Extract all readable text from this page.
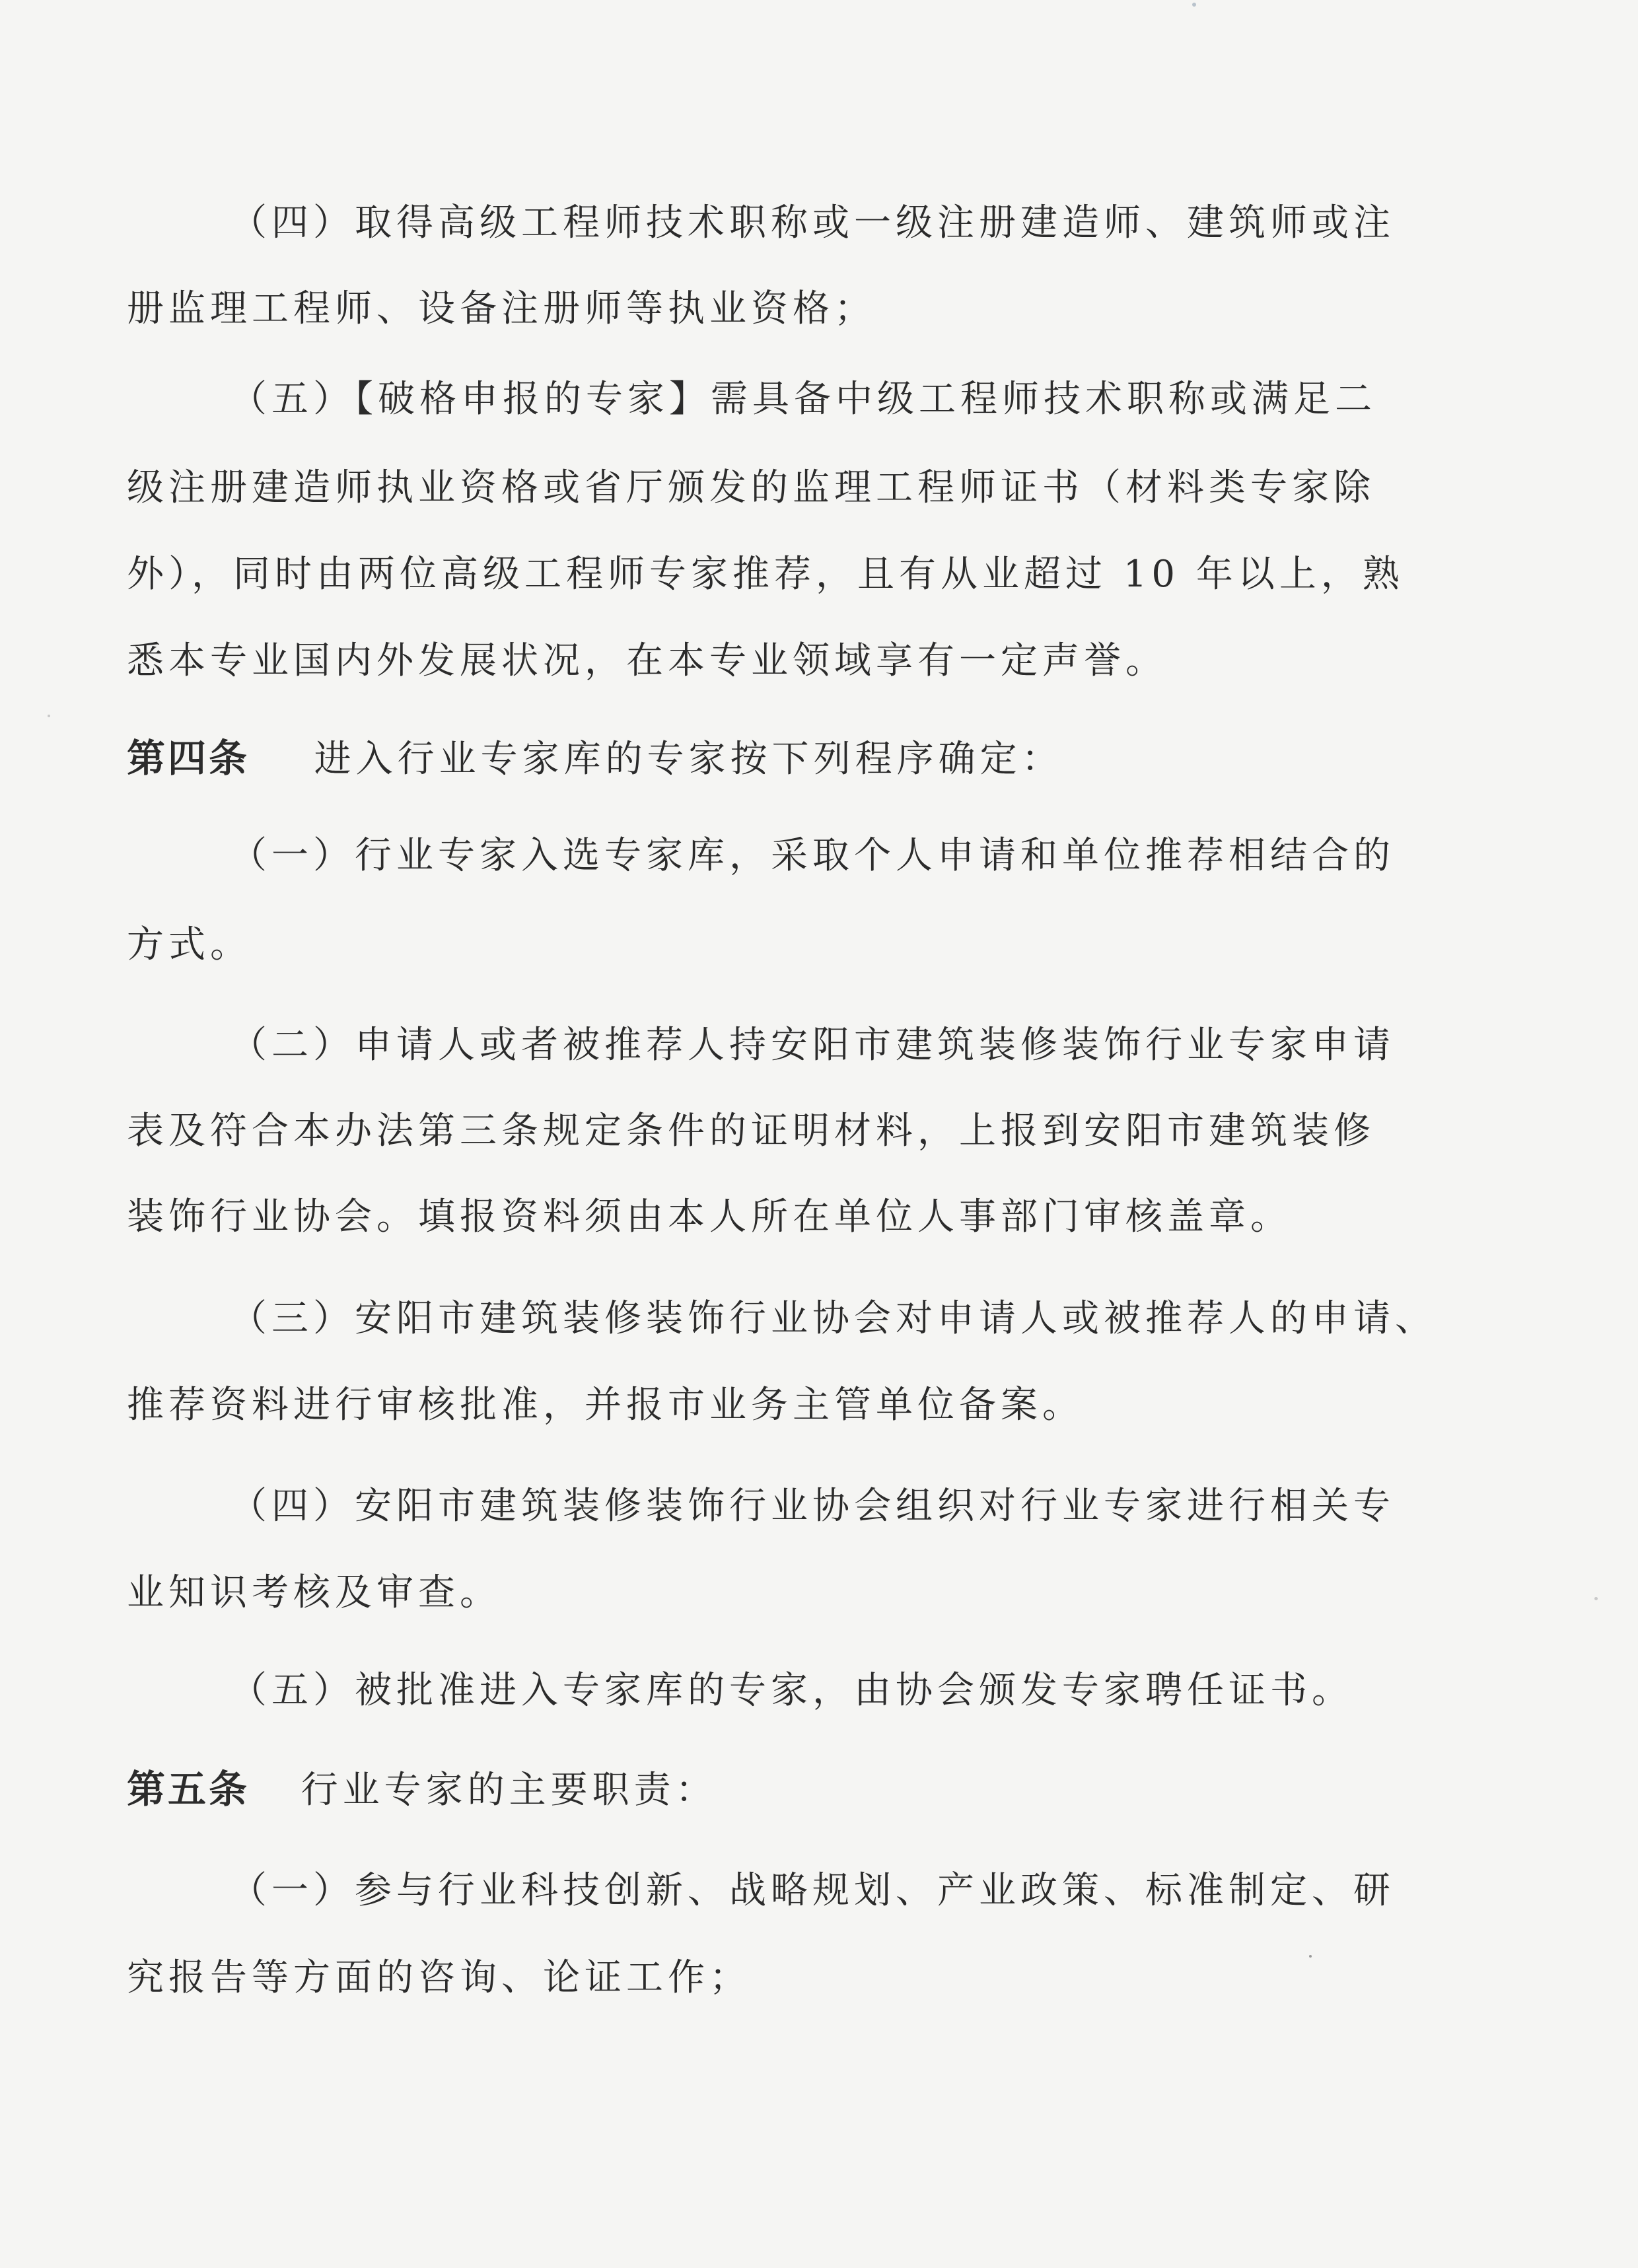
（四）取得高级工程师技术职称或一级注册建造师、建筑师或注
册监理工程师、设备注册师等执业资格；
（五）【破格申报的专家】需具备中级工程师技术职称或满足二
级注册建造师执业资格或省厅颁发的监理工程师证书（材料类专家除
外），同时由两位高级工程师专家推荐，且有从业超过 10 年以上，熟
悉本专业国内外发展状况，在本专业领域享有一定声誉。
第四条 进入行业专家库的专家按下列程序确定：
（一）行业专家入选专家库，采取个人申请和单位推荐相结合的
方式。
（二）申请人或者被推荐人持安阳市建筑装修装饰行业专家申请
表及符合本办法第三条规定条件的证明材料，上报到安阳市建筑装修
装饰行业协会。填报资料须由本人所在单位人事部门审核盖章。
（三）安阳市建筑装修装饰行业协会对申请人或被推荐人的申请、
推荐资料进行审核批准，并报市业务主管单位备案。
（四）安阳市建筑装修装饰行业协会组织对行业专家进行相关专
业知识考核及审查。
（五）被批准进入专家库的专家，由协会颁发专家聘任证书。
第五条 行业专家的主要职责：
（一）参与行业科技创新、战略规划、产业政策、标准制定、研
究报告等方面的咨询、论证工作；
